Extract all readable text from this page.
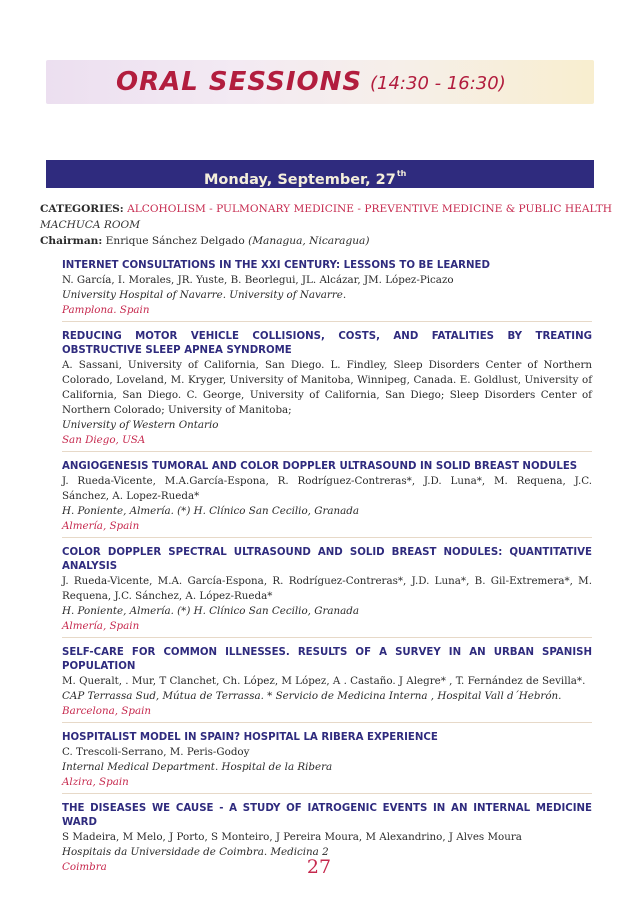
ORAL SESSIONS (14:30 - 16:30)
Monday, September, 27th
CATEGORIES: ALCOHOLISM - PULMONARY MEDICINE - PREVENTIVE MEDICINE & PUBLIC HEALTH
MACHUCA ROOM
Chairman: Enrique Sánchez Delgado (Managua, Nicaragua)
INTERNET CONSULTATIONS IN THE XXI CENTURY: LESSONS TO BE LEARNED
N. García, I. Morales, JR. Yuste, B. Beorlegui, JL. Alcázar, JM. López-Picazo
University Hospital of Navarre. University of Navarre.
Pamplona. Spain
REDUCING MOTOR VEHICLE COLLISIONS, COSTS, AND FATALITIES BY TREATING OBSTRUCTIVE SLEEP APNEA SYNDROME
A. Sassani, University of California, San Diego. L. Findley, Sleep Disorders Center of Northern Colorado, Loveland, M. Kryger, University of Manitoba, Winnipeg, Canada. E. Goldlust, University of California, San Diego. C. George, University of California, San Diego; Sleep Disorders Center of Northern Colorado; University of Manitoba;
University of Western Ontario
San Diego, USA
ANGIOGENESIS TUMORAL AND COLOR DOPPLER ULTRASOUND IN SOLID BREAST NODULES
J. Rueda-Vicente, M.A.García-Espona, R. Rodríguez-Contreras*, J.D. Luna*, M. Requena, J.C. Sánchez, A. Lopez-Rueda*
H. Poniente, Almería. (*) H. Clínico San Cecilio, Granada
Almería, Spain
COLOR DOPPLER SPECTRAL ULTRASOUND AND SOLID BREAST NODULES: QUANTITATIVE ANALYSIS
J. Rueda-Vicente, M.A. García-Espona, R. Rodríguez-Contreras*, J.D. Luna*, B. Gil-Extremera*, M. Requena, J.C. Sánchez, A. López-Rueda*
H. Poniente, Almería. (*) H. Clínico San Cecilio, Granada
Almería, Spain
SELF-CARE FOR COMMON ILLNESSES. RESULTS OF A SURVEY IN AN URBAN SPANISH POPULATION
M. Queralt, . Mur, T Clanchet, Ch. López, M López, A . Castaño. J Alegre* , T. Fernández de Sevilla*.
CAP Terrassa Sud, Mútua de Terrassa. * Servicio de Medicina Interna , Hospital Vall d´Hebrón.
Barcelona, Spain
HOSPITALIST MODEL IN SPAIN? HOSPITAL LA RIBERA EXPERIENCE
C. Trescoli-Serrano, M. Peris-Godoy
Internal Medical Department. Hospital de la Ribera
Alzira, Spain
THE DISEASES WE CAUSE - A STUDY OF IATROGENIC EVENTS IN AN INTERNAL MEDICINE WARD
S Madeira, M Melo, J Porto, S Monteiro, J Pereira Moura, M Alexandrino, J Alves Moura
Hospitais da Universidade de Coimbra. Medicina 2
Coimbra	27
